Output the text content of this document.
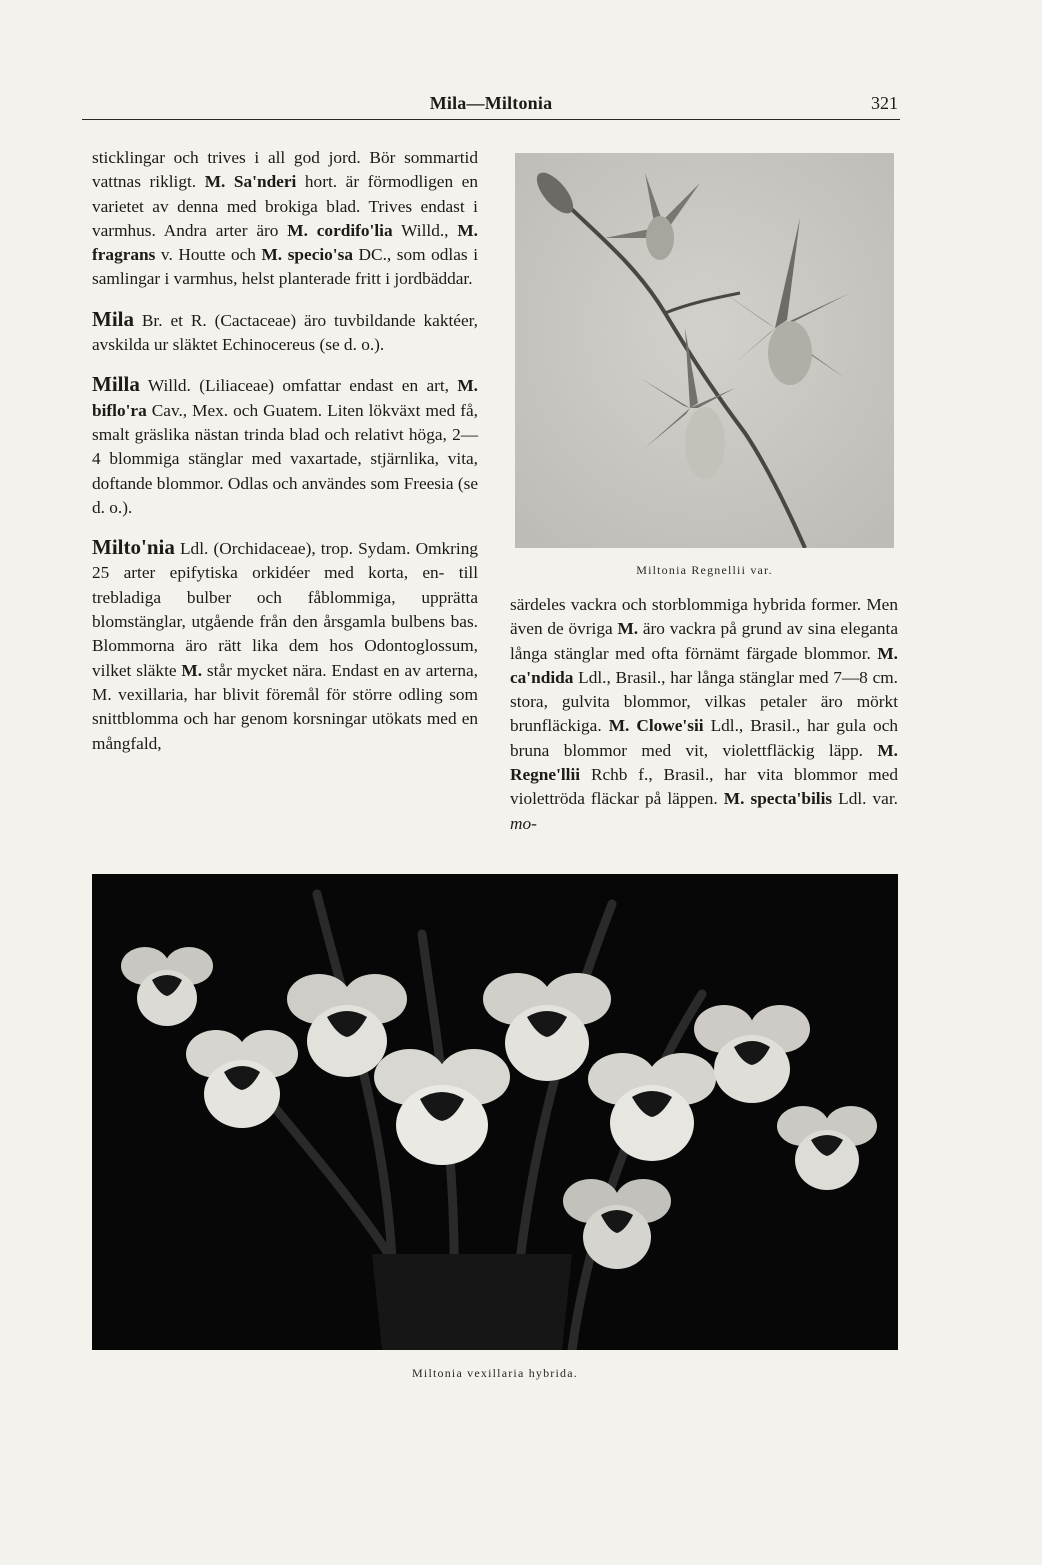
Mila—Miltonia	321

sticklingar och trives i all god jord. Bör sommartid vattnas rikligt. M. Sa'nderi hort. är förmodligen en varietet av denna med brokiga blad. Trives endast i varmhus. Andra arter äro M. cordifo'lia Willd., M. fragrans v. Houtte och M. specio'sa DC., som odlas i samlingar i varmhus, helst planterade fritt i jordbäddar.

Mila Br. et R. (Cactaceae) äro tuvbildande kaktéer, avskilda ur släktet Echinocereus (se d. o.).

Milla Willd. (Liliaceae) omfattar endast en art, M. biflo'ra Cav., Mex. och Guatem. Liten lökväxt med få, smalt gräslika nästan trinda blad och relativt höga, 2—4 blommiga stänglar med vaxartade, stjärnlika, vita, doftande blommor. Odlas och användes som Freesia (se d. o.).

Milto'nia Ldl. (Orchidaceae), trop. Sydam. Omkring 25 arter epifytiska orkidéer med korta, en- till trebladiga bulber och fåblommiga, upprätta blomstänglar, utgående från den årsgamla bulbens bas. Blommorna äro rätt lika dem hos Odontoglossum, vilket släkte M. står mycket nära. Endast en av arterna, M. vexillaria, har blivit föremål för större odling som snittblomma och har genom korsningar utökats med en mångfald,

Miltonia Regnellii var.

särdeles vackra och storblommiga hybrida former. Men även de övriga M. äro vackra på grund av sina eleganta långa stänglar med ofta förnämt färgade blommor. M. ca'ndida Ldl., Brasil., har långa stänglar med 7—8 cm. stora, gulvita blommor, vilkas petaler äro mörkt brunfläckiga. M. Clowe'sii Ldl., Brasil., har gula och bruna blommor med vit, violettfläckig läpp. M. Regne'llii Rchb f., Brasil., har vita blommor med violettröda fläckar på läppen. M. specta'bilis Ldl. var. mo-

Miltonia vexillaria hybrida.
